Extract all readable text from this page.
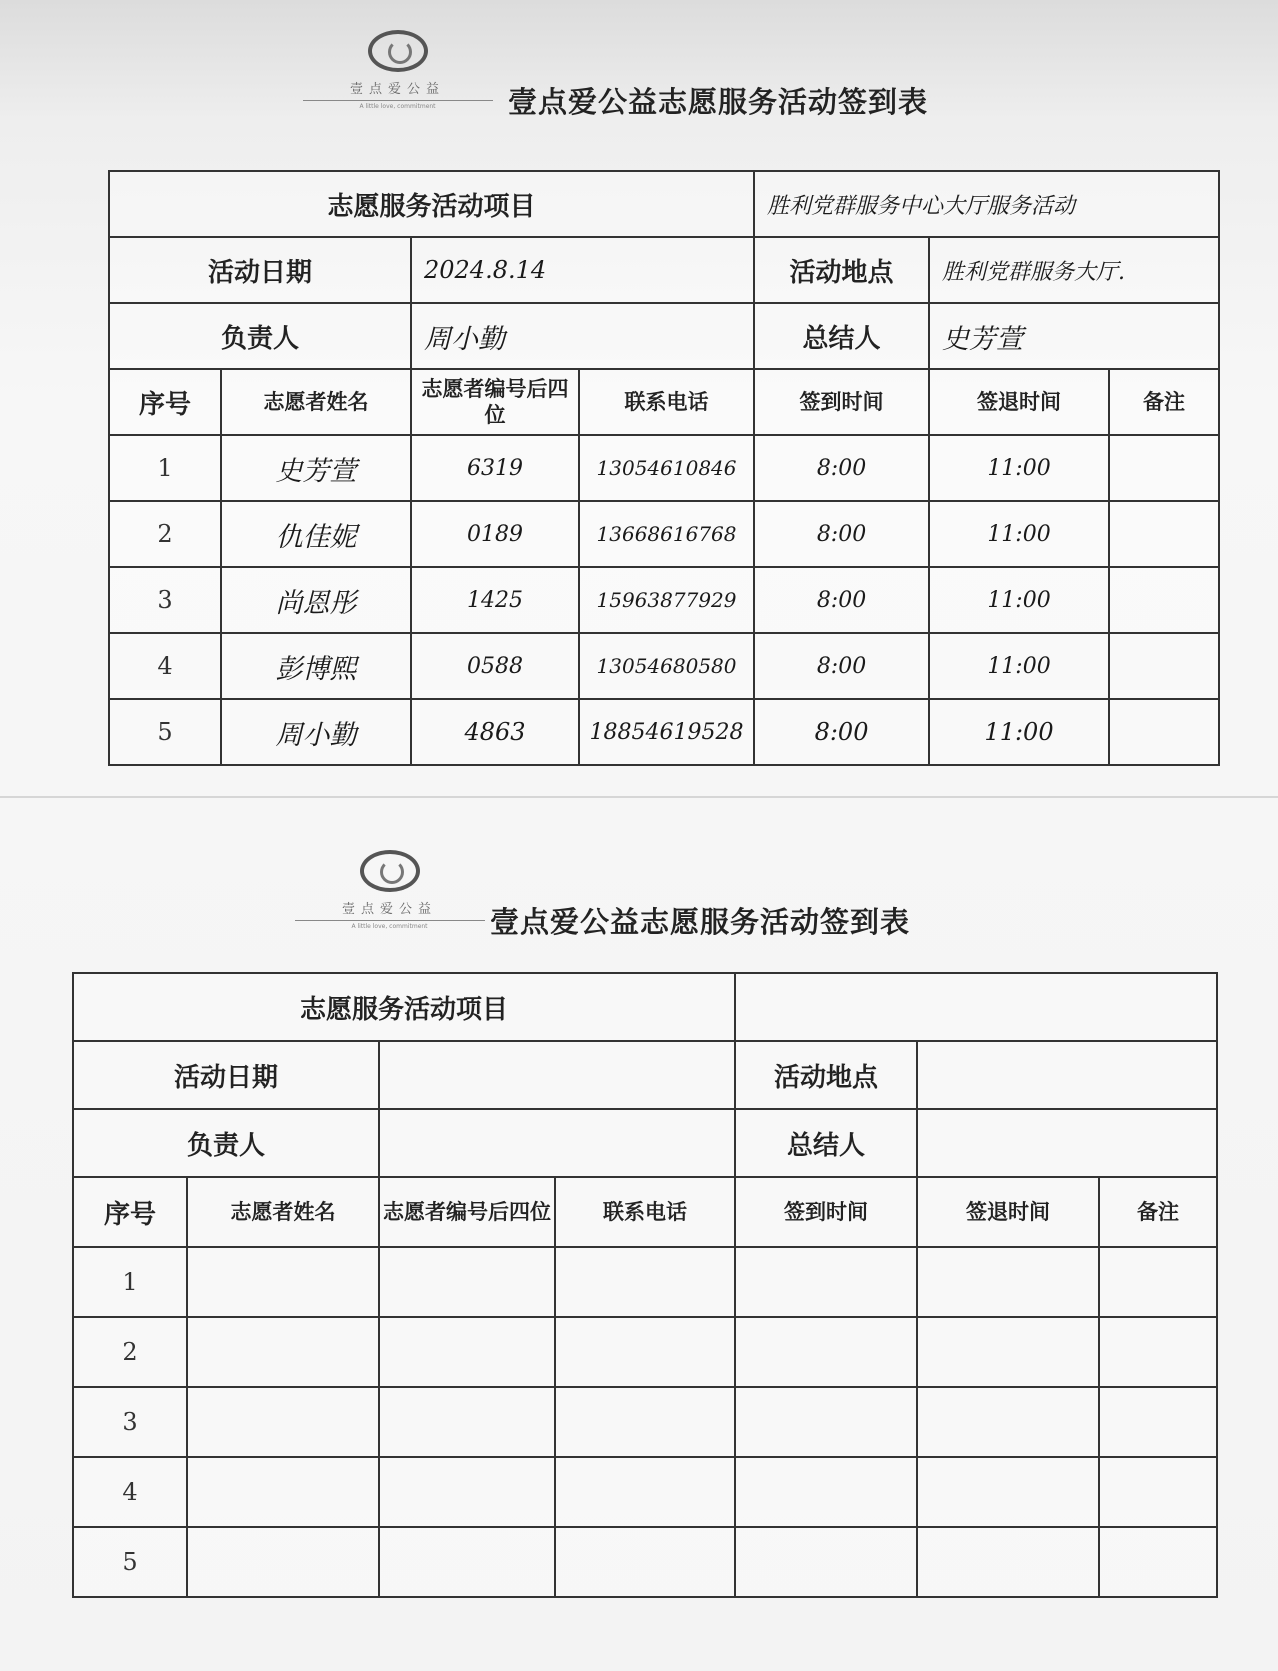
壹点爱公益
A little love, commitment	壹点爱公益志愿服务活动签到表
志愿服务活动项目				胜利党群服务中心大厅服务活动		
活动日期		2024.8.14		活动地点	胜利党群服务大厅.	
负责人		周小勤		总结人	史芳萱	
序号	志愿者姓名	志愿者编号后四位	联系电话	签到时间	签退时间	备注
1	史芳萱	6319	13054610846	8:00	11:00	
2	仇佳妮	0189	13668616768	8:00	11:00	
3	尚恩彤	1425	15963877929	8:00	11:00	
4	彭博熙	0588	13054680580	8:00	11:00	
5	周小勤	4863	18854619528	8:00	11:00	
壹点爱公益
A little love, commitment	壹点爱公益志愿服务活动签到表
志愿服务活动项目						
活动日期				活动地点		
负责人				总结人		
序号	志愿者姓名	志愿者编号后四位	联系电话	签到时间	签退时间	备注
1						
2						
3						
4						
5						
